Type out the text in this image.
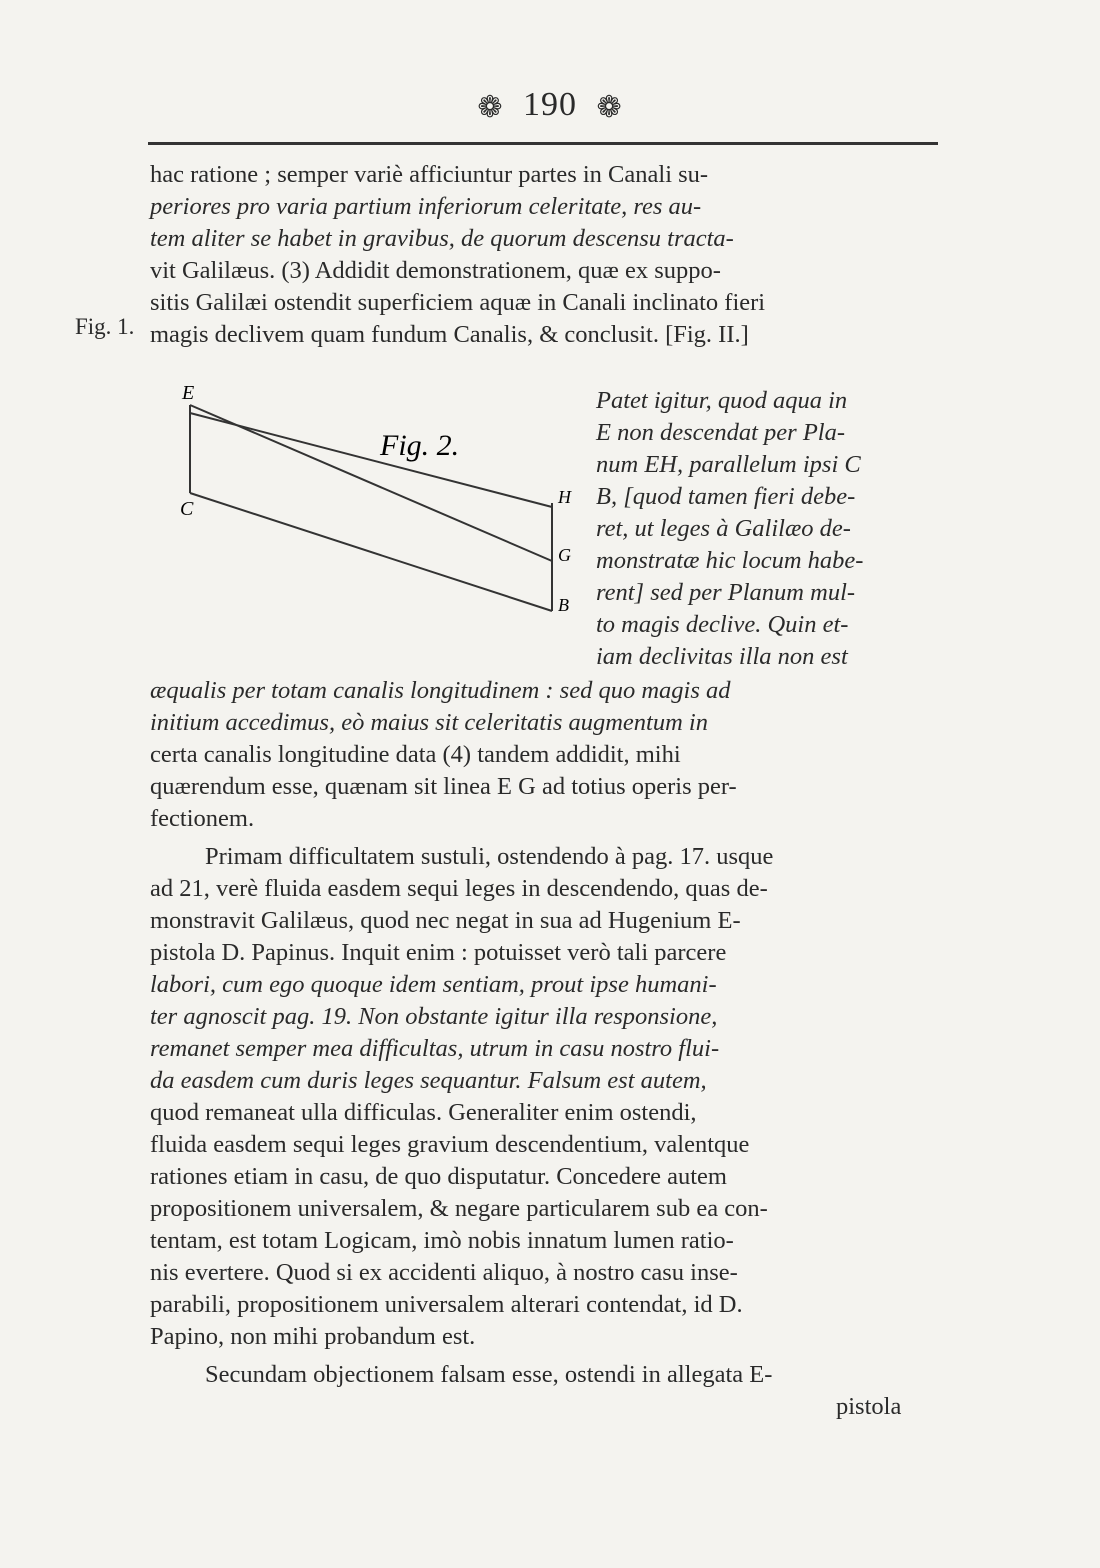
❁ 190 ❁
hac ratione ; semper variè afficiuntur partes in Canali su-
periores pro varia partium inferiorum celeritate, res au-
tem aliter se habet in gravibus, de quorum descensu tracta-
vit Galilæus. (3) Addidit demonstrationem, quæ ex suppo-
sitis Galilæi ostendit superficiem aquæ in Canali inclinato fieri
magis declivem quam fundum Canalis, & conclusit. [Fig. II.]
Fig. 1.
E
C
H
G
B
Fig. 2.
Patet igitur, quod aqua in
E non descendat per Pla-
num EH, parallelum ipsi C
B, [quod tamen fieri debe-
ret, ut leges à Galilæo de-
monstratæ hic locum habe-
rent] sed per Planum mul-
to magis declive. Quin et-
iam declivitas illa non est
æqualis per totam canalis longitudinem : sed quo magis ad
initium accedimus, eò maius sit celeritatis augmentum in
certa canalis longitudine data (4) tandem addidit, mihi
quærendum esse, quænam sit linea E G ad totius operis per-
fectionem.
Primam difficultatem sustuli, ostendendo à pag. 17. usque
ad 21, verè fluida easdem sequi leges in descendendo, quas de-
monstravit Galilæus, quod nec negat in sua ad Hugenium E-
pistola D. Papinus. Inquit enim : potuisset verò tali parcere
labori, cum ego quoque idem sentiam, prout ipse humani-
ter agnoscit pag. 19. Non obstante igitur illa responsione,
remanet semper mea difficultas, utrum in casu nostro flui-
da easdem cum duris leges sequantur. Falsum est autem,
quod remaneat ulla difficulas. Generaliter enim ostendi,
fluida easdem sequi leges gravium descendentium, valentque
rationes etiam in casu, de quo disputatur. Concedere autem
propositionem universalem, & negare particularem sub ea con-
tentam, est totam Logicam, imò nobis innatum lumen ratio-
nis evertere. Quod si ex accidenti aliquo, à nostro casu inse-
parabili, propositionem universalem alterari contendat, id D.
Papino, non mihi probandum est.
Secundam objectionem falsam esse, ostendi in allegata E-
pistola
